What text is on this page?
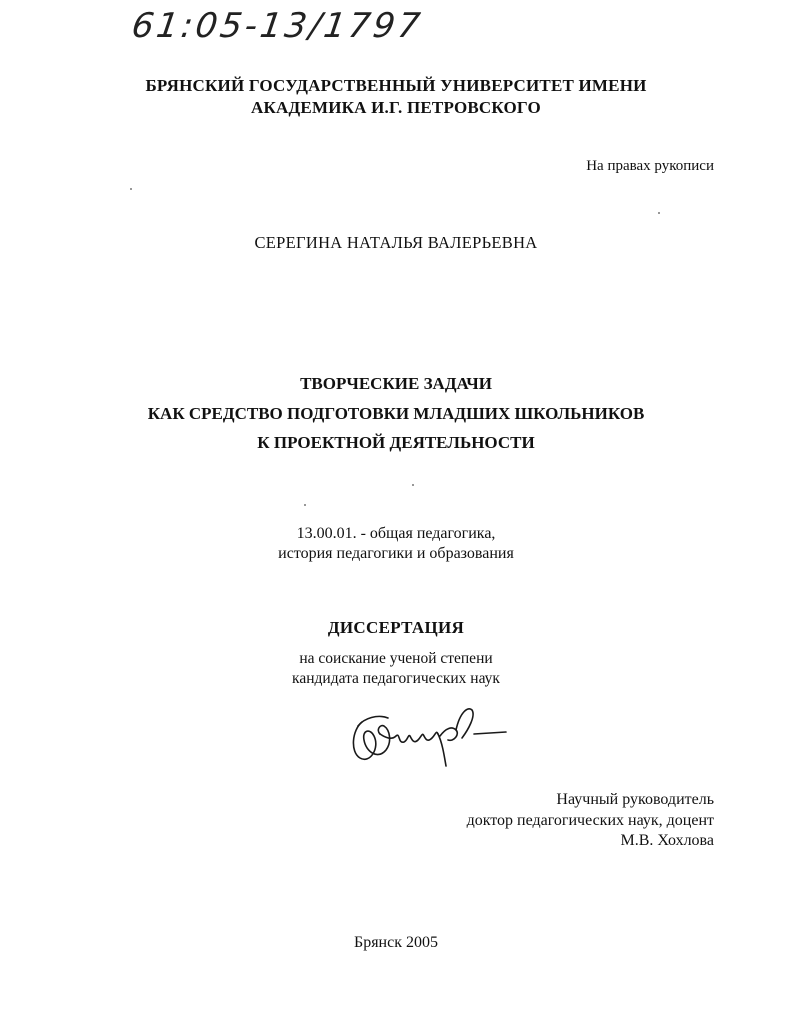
61:05-13/1797
БРЯНСКИЙ ГОСУДАРСТВЕННЫЙ УНИВЕРСИТЕТ ИМЕНИ
АКАДЕМИКА И.Г. ПЕТРОВСКОГО
На правах рукописи
СЕРЕГИНА НАТАЛЬЯ ВАЛЕРЬЕВНА
ТВОРЧЕСКИЕ ЗАДАЧИ
КАК СРЕДСТВО ПОДГОТОВКИ МЛАДШИХ ШКОЛЬНИКОВ
К ПРОЕКТНОЙ ДЕЯТЕЛЬНОСТИ
13.00.01. - общая педагогика,
история педагогики и образования
ДИССЕРТАЦИЯ
на соискание ученой степени
кандидата педагогических наук
Научный руководитель
доктор педагогических наук, доцент
М.В. Хохлова
Брянск 2005
